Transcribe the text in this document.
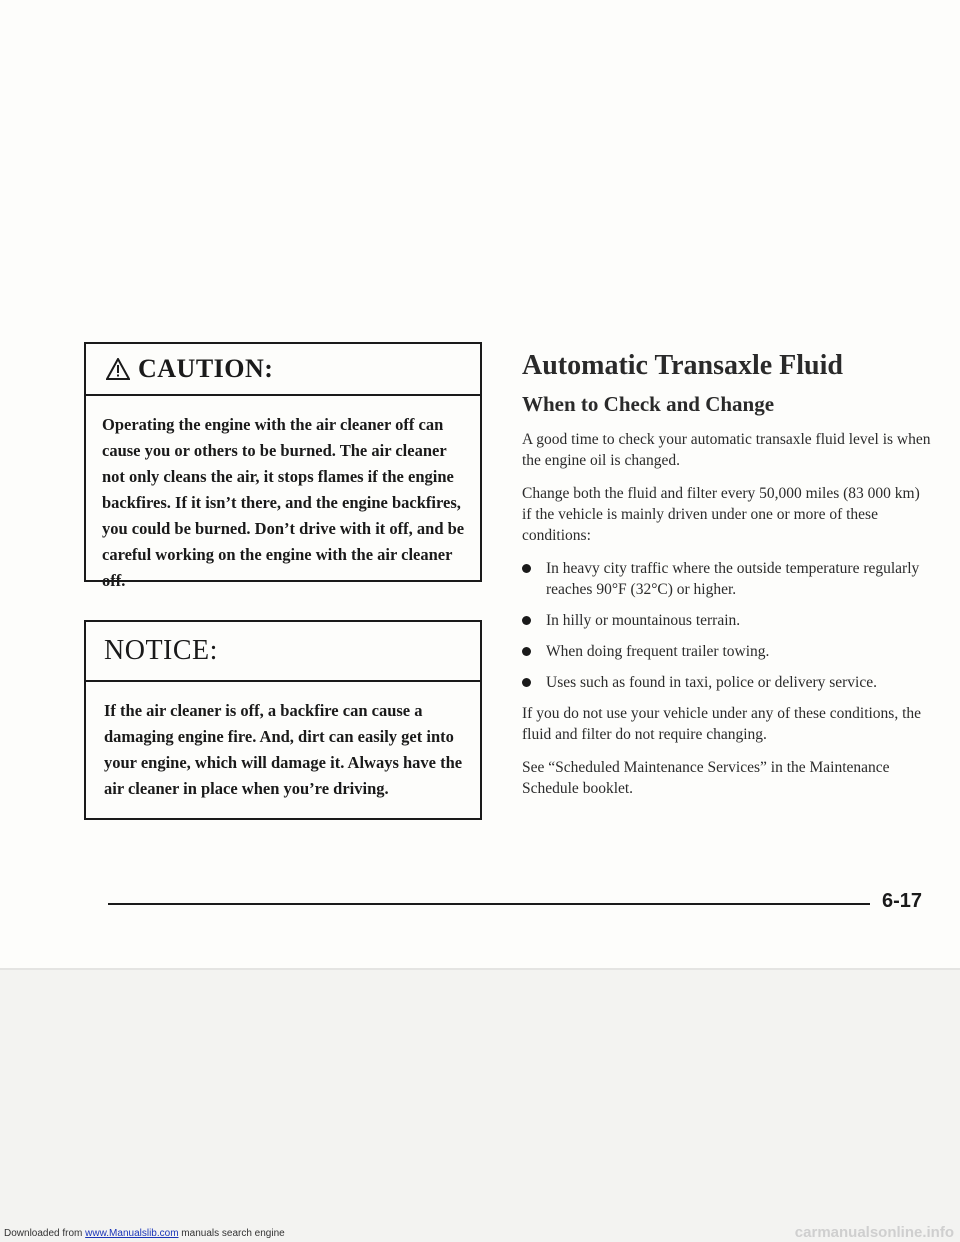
CAUTION:
Operating the engine with the air cleaner off can cause you or others to be burned. The air cleaner not only cleans the air, it stops flames if the engine backfires. If it isn’t there, and the engine backfires, you could be burned. Don’t drive with it off, and be careful working on the engine with the air cleaner off.
NOTICE:
If the air cleaner is off, a backfire can cause a damaging engine fire. And, dirt can easily get into your engine, which will damage it. Always have the air cleaner in place when you’re driving.
Automatic Transaxle Fluid
When to Check and Change

A good time to check your automatic transaxle fluid level is when the engine oil is changed.

Change both the fluid and filter every 50,000 miles (83 000 km) if the vehicle is mainly driven under one or more of these conditions:

In heavy city traffic where the outside temperature regularly reaches 90°F (32°C) or higher.
In hilly or mountainous terrain.
When doing frequent trailer towing.
Uses such as found in taxi, police or delivery service.

If you do not use your vehicle under any of these conditions, the fluid and filter do not require changing.

See “Scheduled Maintenance Services” in the Maintenance Schedule booklet.

6-17
Downloaded from www.Manualslib.com manuals search engine	carmanualsonline.info
